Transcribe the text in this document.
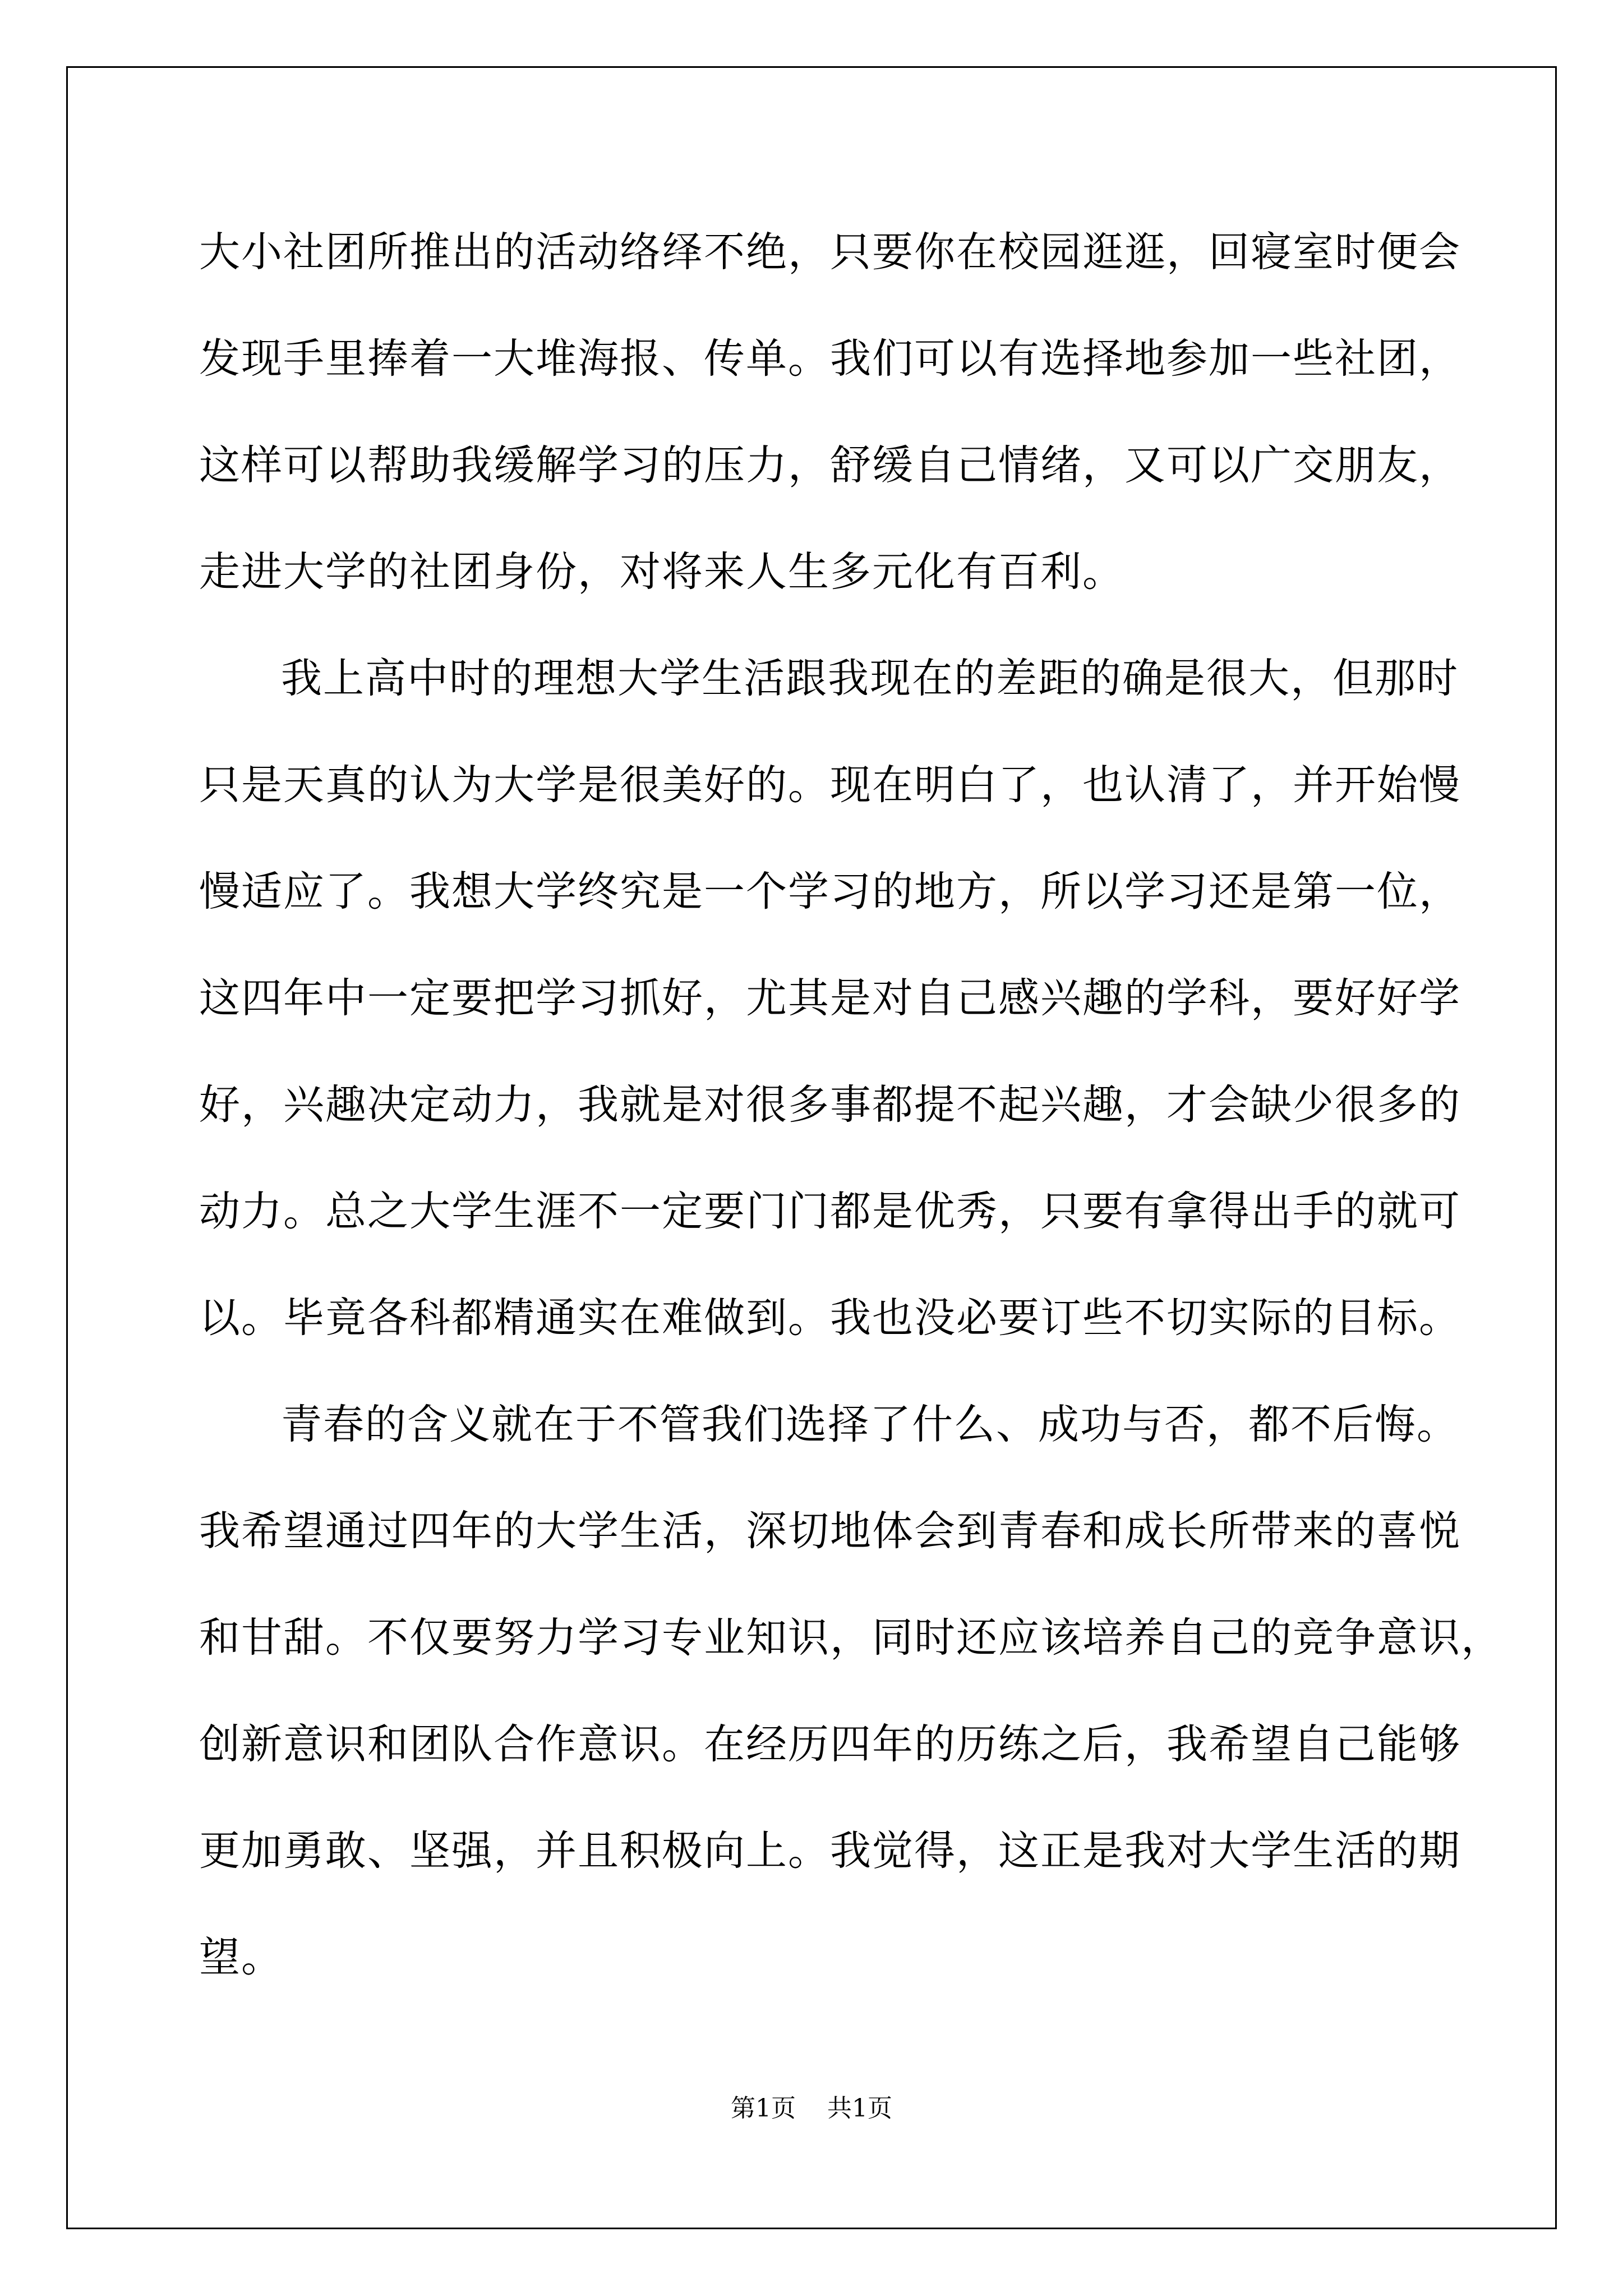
大小社团所推出的活动络绎不绝，只要你在校园逛逛，回寝室时便会
发现手里捧着一大堆海报、传单。我们可以有选择地参加一些社团，
这样可以帮助我缓解学习的压力，舒缓自己情绪，又可以广交朋友，
走进大学的社团身份，对将来人生多元化有百利。
我上高中时的理想大学生活跟我现在的差距的确是很大，但那时
只是天真的认为大学是很美好的。现在明白了，也认清了，并开始慢
慢适应了。我想大学终究是一个学习的地方，所以学习还是第一位，
这四年中一定要把学习抓好，尤其是对自己感兴趣的学科，要好好学
好，兴趣决定动力，我就是对很多事都提不起兴趣，才会缺少很多的
动力。总之大学生涯不一定要门门都是优秀，只要有拿得出手的就可
以。毕竟各科都精通实在难做到。我也没必要订些不切实际的目标。
青春的含义就在于不管我们选择了什么、成功与否，都不后悔。
我希望通过四年的大学生活，深切地体会到青春和成长所带来的喜悦
和甘甜。不仅要努力学习专业知识，同时还应该培养自己的竞争意识，
创新意识和团队合作意识。在经历四年的历练之后，我希望自己能够
更加勇敢、坚强，并且积极向上。我觉得，这正是我对大学生活的期
望。
第1页 共1页
